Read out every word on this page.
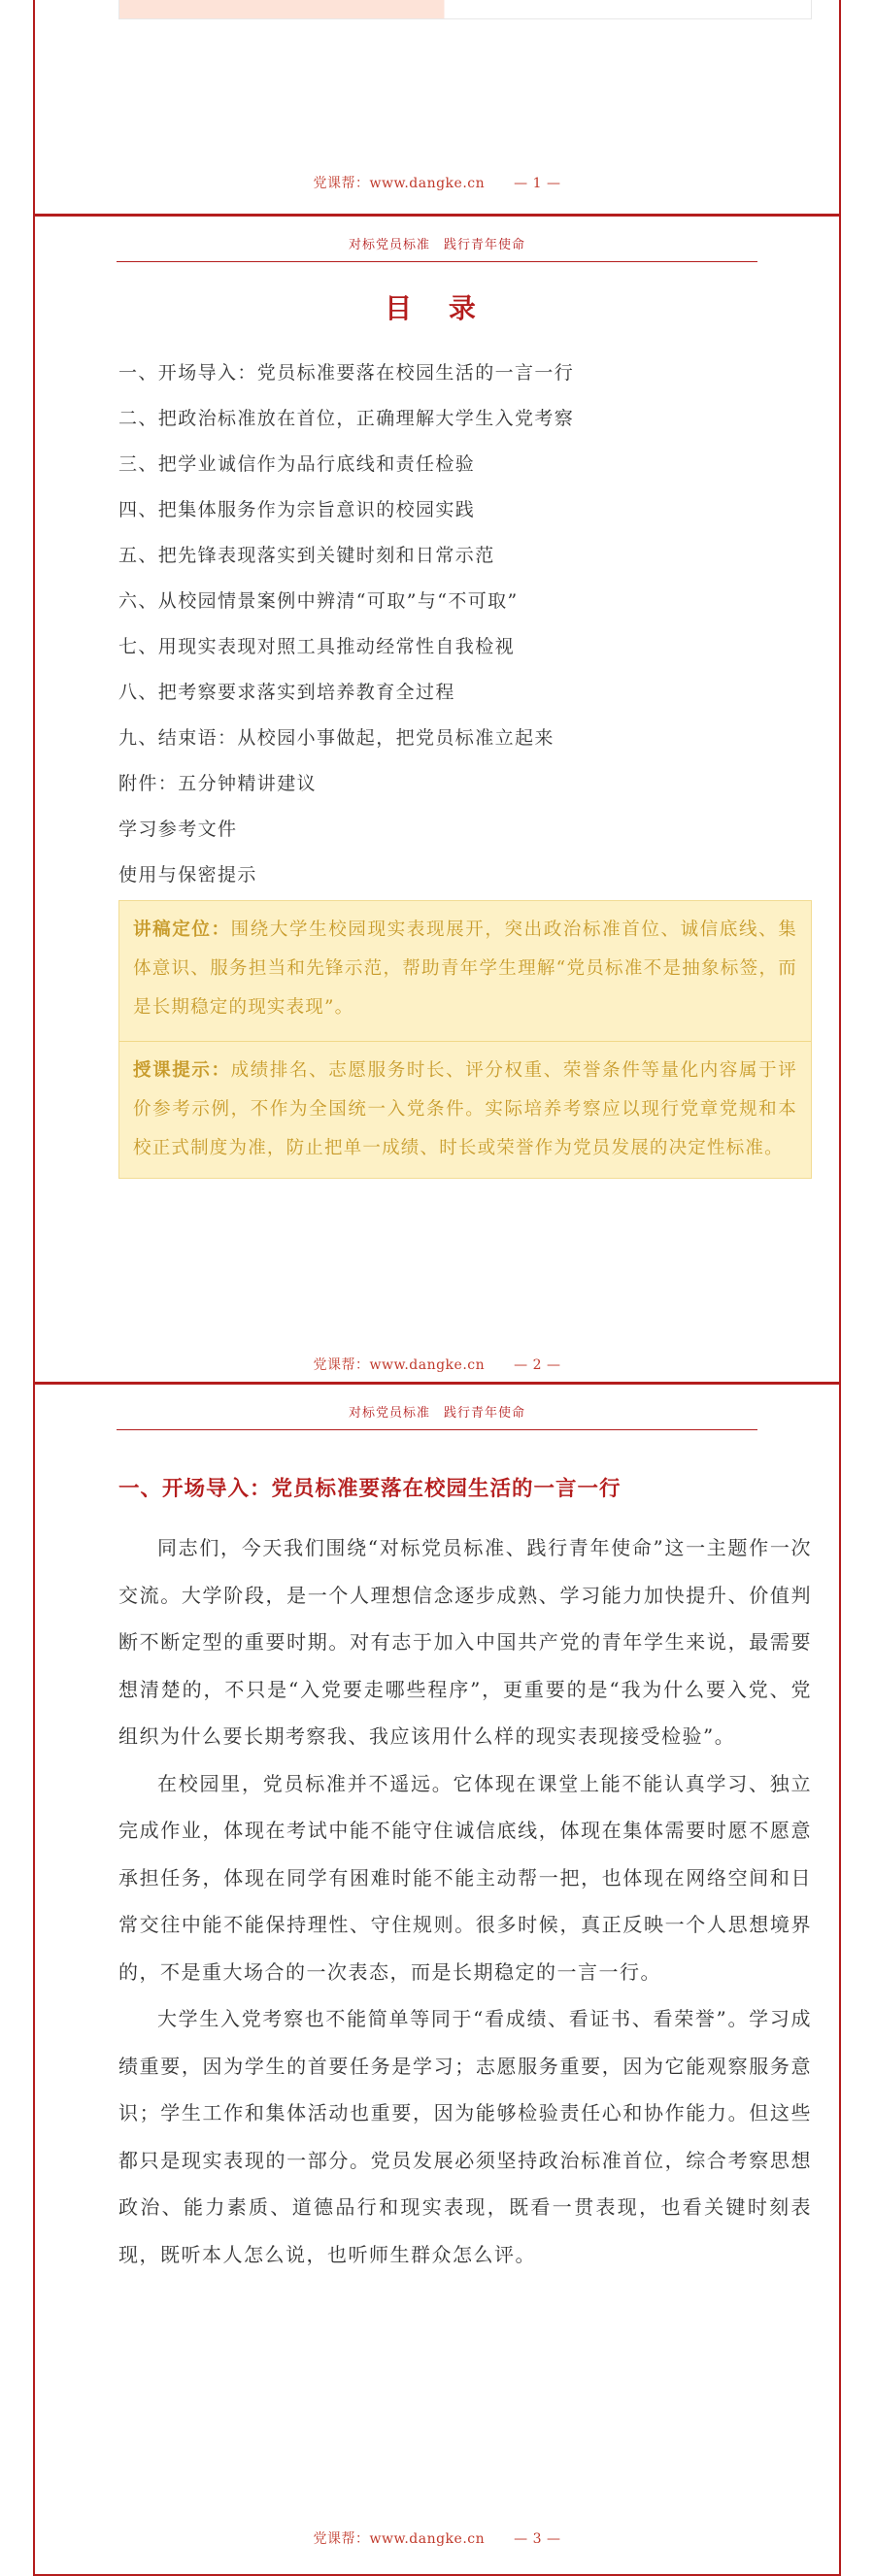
党课帮：www.dangke.cn — 1 —
对标党员标准　践行青年使命
目 录
一、开场导入：党员标准要落在校园生活的一言一行
二、把政治标准放在首位，正确理解大学生入党考察
三、把学业诚信作为品行底线和责任检验
四、把集体服务作为宗旨意识的校园实践
五、把先锋表现落实到关键时刻和日常示范
六、从校园情景案例中辨清“可取”与“不可取”
七、用现实表现对照工具推动经常性自我检视
八、把考察要求落实到培养教育全过程
九、结束语：从校园小事做起，把党员标准立起来
附件：五分钟精讲建议
学习参考文件
使用与保密提示

讲稿定位：围绕大学生校园现实表现展开，突出政治标准首位、诚信底线、集体意识、服务担当和先锋示范，帮助青年学生理解“党员标准不是抽象标签，而是长期稳定的现实表现”。

授课提示：成绩排名、志愿服务时长、评分权重、荣誉条件等量化内容属于评价参考示例，不作为全国统一入党条件。实际培养考察应以现行党章党规和本校正式制度为准，防止把单一成绩、时长或荣誉作为党员发展的决定性标准。

党课帮：www.dangke.cn — 2 —
对标党员标准　践行青年使命
一、开场导入：党员标准要落在校园生活的一言一行

同志们，今天我们围绕“对标党员标准、践行青年使命”这一主题作一次交流。大学阶段，是一个人理想信念逐步成熟、学习能力加快提升、价值判断不断定型的重要时期。对有志于加入中国共产党的青年学生来说，最需要想清楚的，不只是“入党要走哪些程序”，更重要的是“我为什么要入党、党组织为什么要长期考察我、我应该用什么样的现实表现接受检验”。

在校园里，党员标准并不遥远。它体现在课堂上能不能认真学习、独立完成作业，体现在考试中能不能守住诚信底线，体现在集体需要时愿不愿意承担任务，体现在同学有困难时能不能主动帮一把，也体现在网络空间和日常交往中能不能保持理性、守住规则。很多时候，真正反映一个人思想境界的，不是重大场合的一次表态，而是长期稳定的一言一行。

大学生入党考察也不能简单等同于“看成绩、看证书、看荣誉”。学习成绩重要，因为学生的首要任务是学习；志愿服务重要，因为它能观察服务意识；学生工作和集体活动也重要，因为能够检验责任心和协作能力。但这些都只是现实表现的一部分。党员发展必须坚持政治标准首位，综合考察思想政治、能力素质、道德品行和现实表现，既看一贯表现，也看关键时刻表现，既听本人怎么说，也听师生群众怎么评。

党课帮：www.dangke.cn — 3 —
